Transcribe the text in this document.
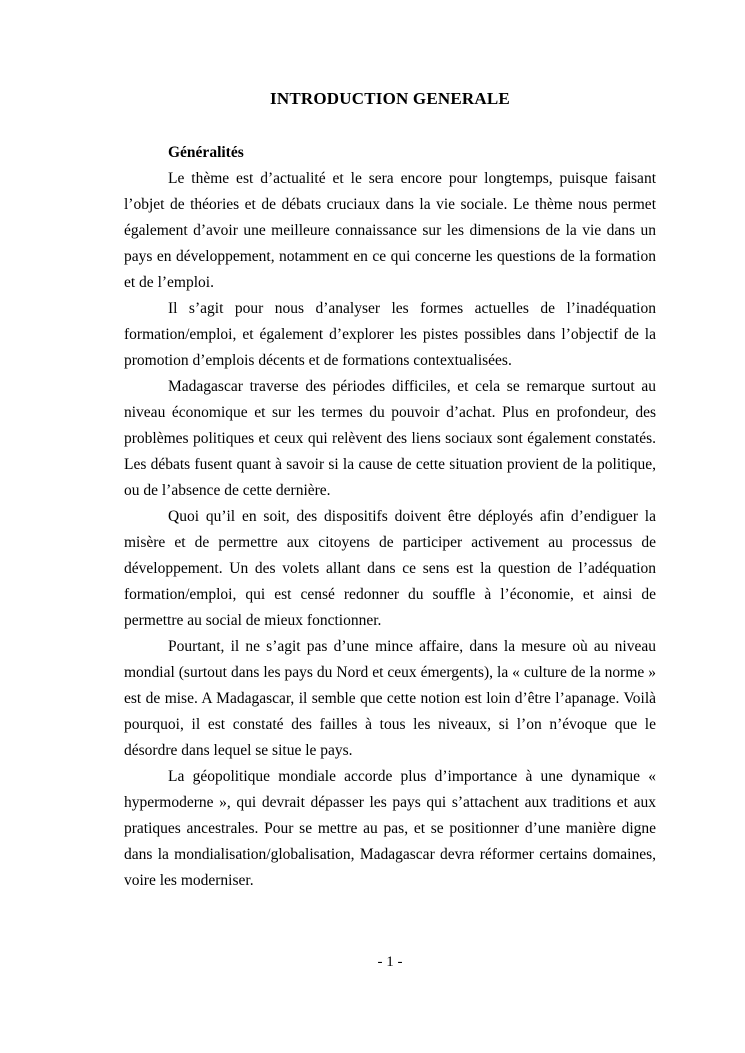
INTRODUCTION GENERALE
Généralités

Le thème est d’actualité et le sera encore pour longtemps, puisque faisant l’objet de théories et de débats cruciaux dans la vie sociale. Le thème nous permet également d’avoir une meilleure connaissance sur les dimensions de la vie dans un pays en développement, notamment en ce qui concerne les questions de la formation et de l’emploi.

Il s’agit pour nous d’analyser les formes actuelles de l’inadéquation formation/emploi, et également d’explorer les pistes possibles dans l’objectif de la promotion d’emplois décents et de formations contextualisées.

Madagascar traverse des périodes difficiles, et cela se remarque surtout au niveau économique et sur les termes du pouvoir d’achat. Plus en profondeur, des problèmes politiques et ceux qui relèvent des liens sociaux sont également constatés. Les débats fusent quant à savoir si la cause de cette situation provient de la politique, ou de l’absence de cette dernière.

Quoi qu’il en soit, des dispositifs doivent être déployés afin d’endiguer la misère et de permettre aux citoyens de participer activement au processus de développement. Un des volets allant dans ce sens est la question de l’adéquation formation/emploi, qui est censé redonner du souffle à l’économie, et ainsi de permettre au social de mieux fonctionner.

Pourtant, il ne s’agit pas d’une mince affaire, dans la mesure où au niveau mondial (surtout dans les pays du Nord et ceux émergents), la « culture de la norme » est de mise. A Madagascar, il semble que cette notion est loin d’être l’apanage. Voilà pourquoi, il est constaté des failles à tous les niveaux, si l’on n’évoque que le désordre dans lequel se situe le pays.

La géopolitique mondiale accorde plus d’importance à une dynamique « hypermoderne », qui devrait dépasser les pays qui s’attachent aux traditions et aux pratiques ancestrales. Pour se mettre au pas, et se positionner d’une manière digne dans la mondialisation/globalisation, Madagascar devra réformer certains domaines, voire les moderniser.

- 1 -
